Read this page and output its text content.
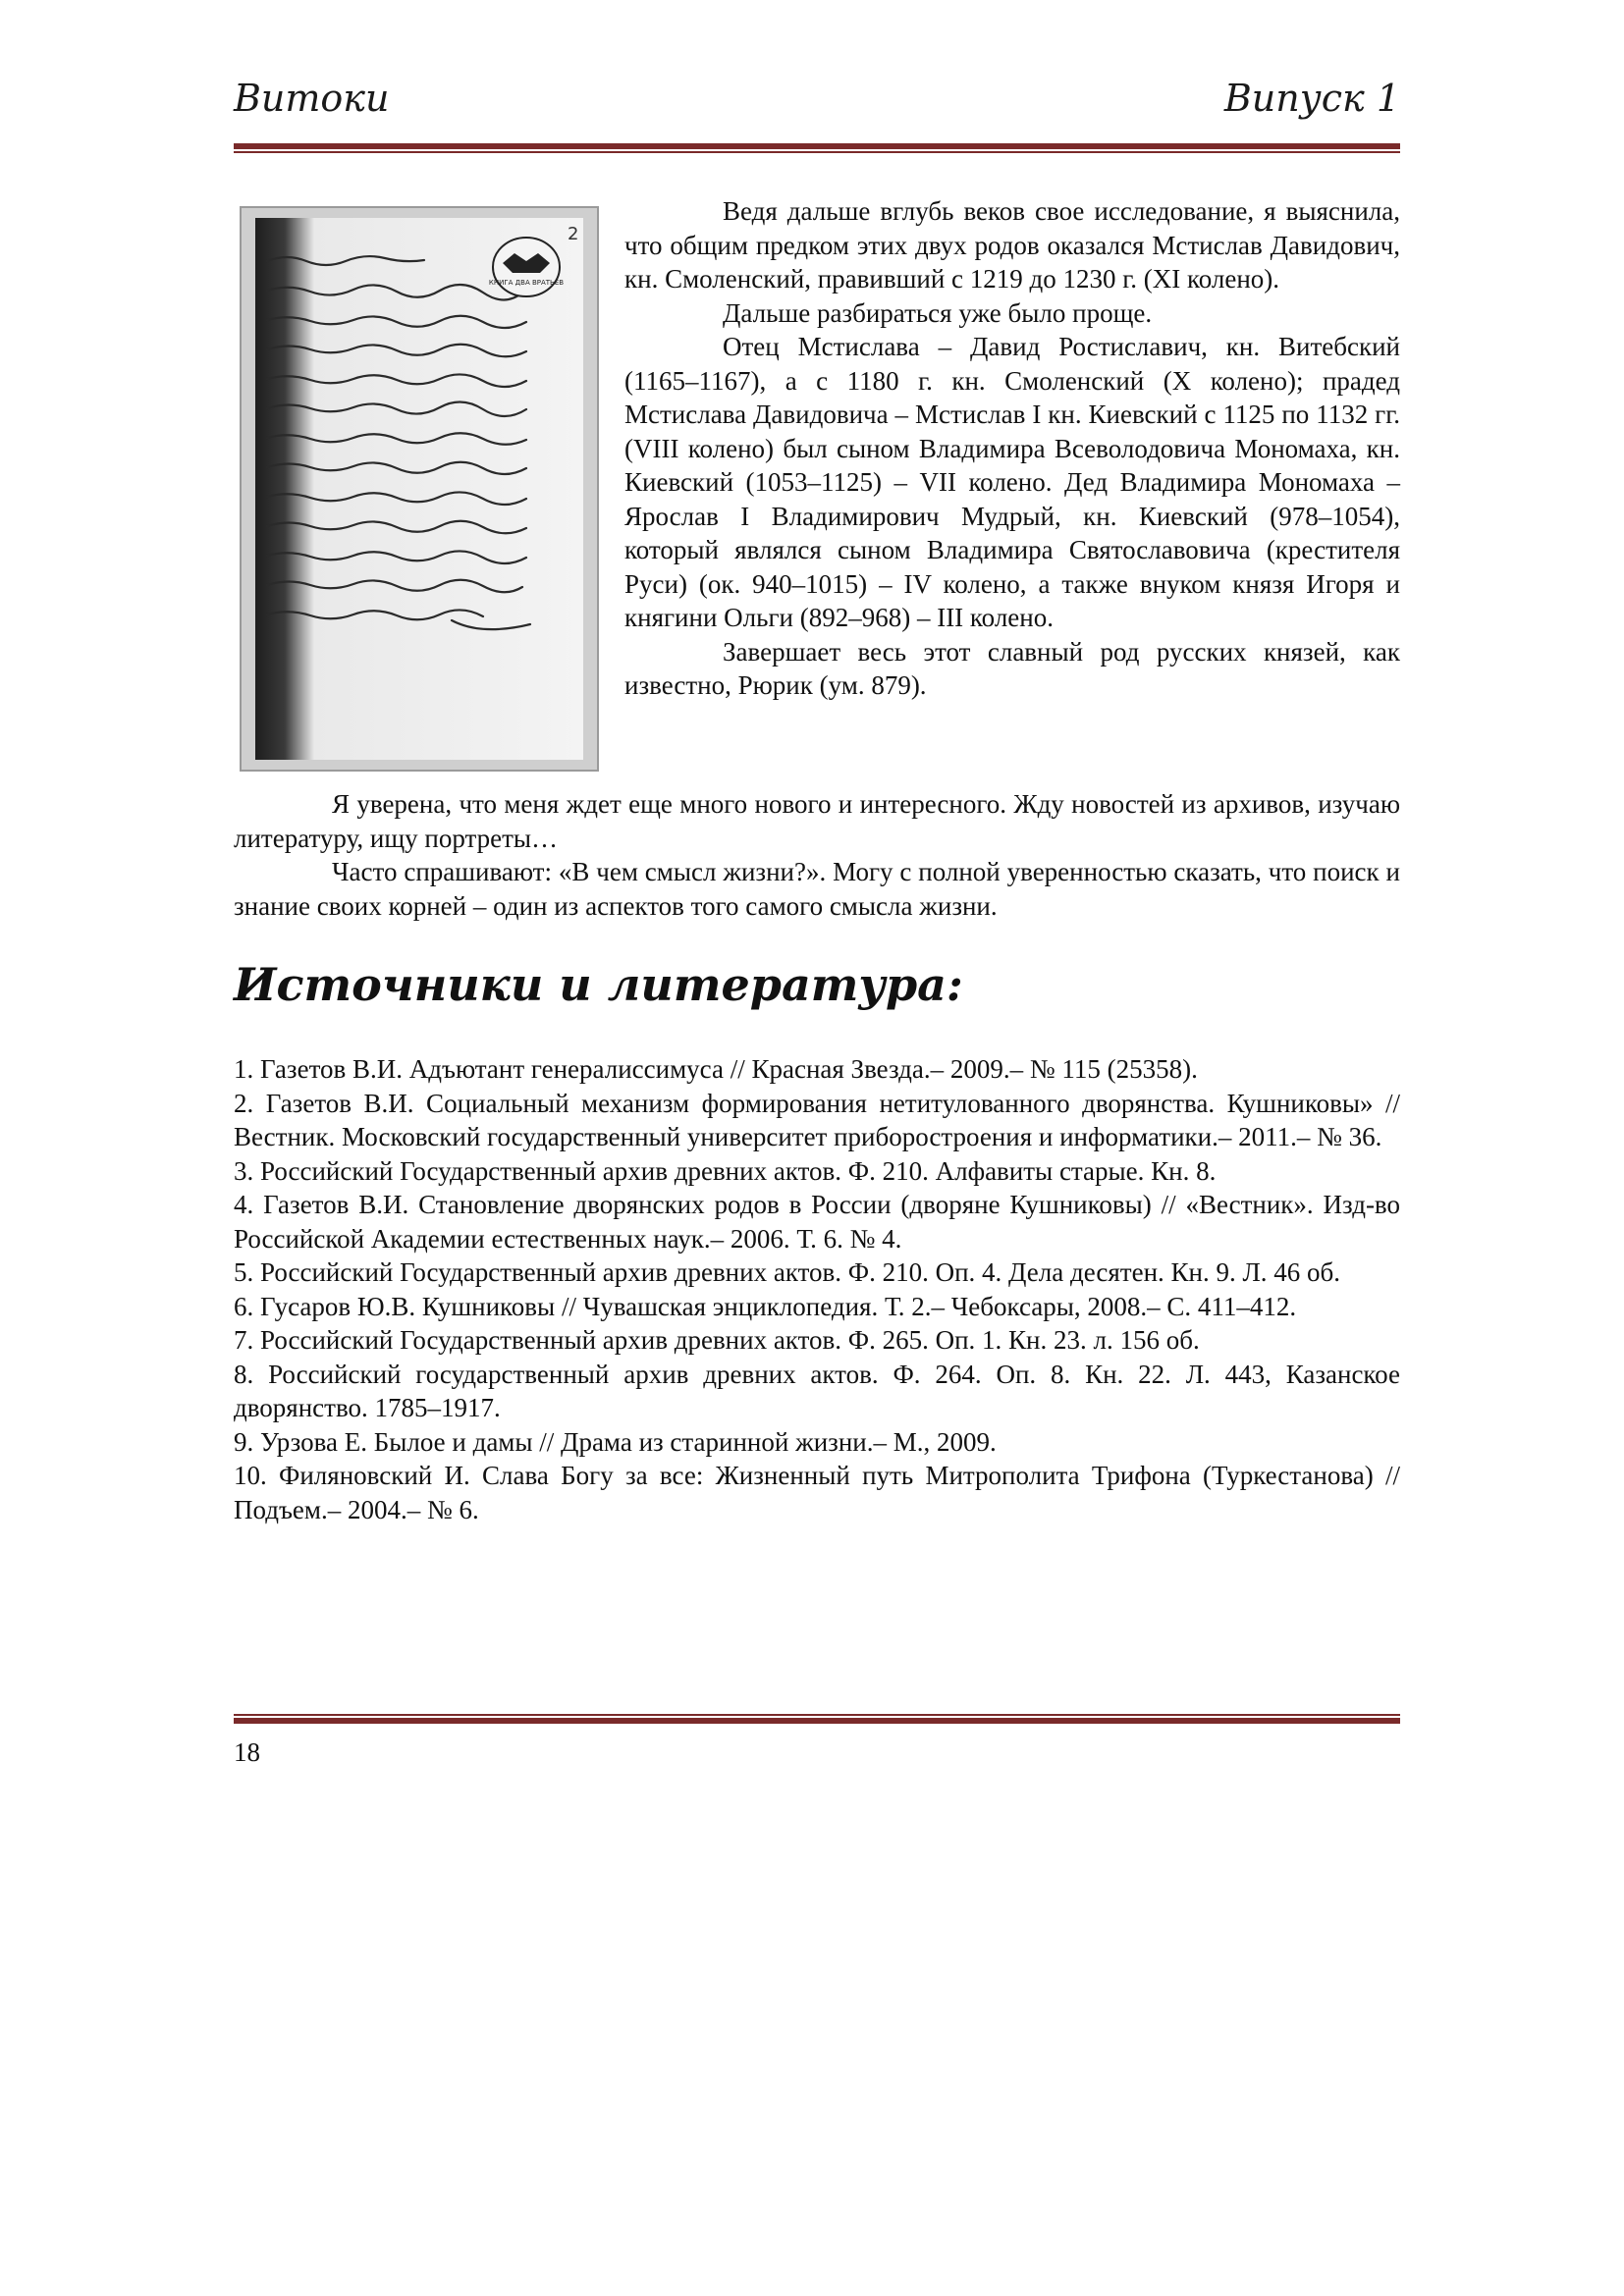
Витоки	Випуск 1
КНИГА ДВА ВРАТЬЕВ
2

Ведя дальше вглубь веков свое исследование, я выяснила, что общим предком этих двух родов оказался Мстислав Давидович, кн. Смоленский, правивший с 1219 до 1230 г. (XI колено).

Дальше разбираться уже было проще.

Отец Мстислава – Давид Ростиславич, кн. Витебский (1165–1167), а с 1180 г. кн. Смоленский (X колено); прадед Мстислава Давидовича – Мстислав I кн. Киевский с 1125 по 1132 гг. (VIII колено) был сыном Владимира Всеволодовича Мономаха, кн. Киевский (1053–1125) – VII колено. Дед Владимира Мономаха – Ярослав I Владимирович Мудрый, кн. Киевский (978–1054), который являлся сыном Владимира Святославовича (крестителя Руси) (ок. 940–1015) – IV колено, а также внуком князя Игоря и княгини Ольги (892–968) – III колено.

Завершает весь этот славный род русских князей, как известно, Рюрик (ум. 879).

Я уверена, что меня ждет еще много нового и интересного. Жду новостей из архивов, изучаю литературу, ищу портреты…

Часто спрашивают: «В чем смысл жизни?». Могу с полной уверенностью сказать, что поиск и знание своих корней – один из аспектов того самого смысла жизни.

Источники и литература:

1. Газетов В.И. Адъютант генералиссимуса // Красная Звезда.– 2009.– № 115 (25358).

2. Газетов В.И. Социальный механизм формирования нетитулованного дворянства. Кушниковы» // Вестник. Московский государственный университет приборостроения и информатики.– 2011.– № 36.

3. Российский Государственный архив древних актов. Ф. 210. Алфавиты старые. Кн. 8.

4. Газетов В.И. Становление дворянских родов в России (дворяне Кушниковы) // «Вестник». Изд-во Российской Академии естественных наук.– 2006. Т. 6. № 4.

5. Российский Государственный архив древних актов. Ф. 210. Оп. 4. Дела десятен. Кн. 9. Л. 46 об.

6. Гусаров Ю.В. Кушниковы // Чувашская энциклопедия. Т. 2.– Чебоксары, 2008.– С. 411–412.

7. Российский Государственный архив древних актов. Ф. 265. Оп. 1. Кн. 23. л. 156 об.

8. Российский государственный архив древних актов. Ф. 264. Оп. 8. Кн. 22. Л. 443, Казанское дворянство. 1785–1917.

9. Урзова Е. Былое и дамы // Драма из старинной жизни.– М., 2009.

10. Филяновский И. Слава Богу за все: Жизненный путь Митрополита Трифона (Туркестанова) // Подъем.– 2004.– № 6.

18
